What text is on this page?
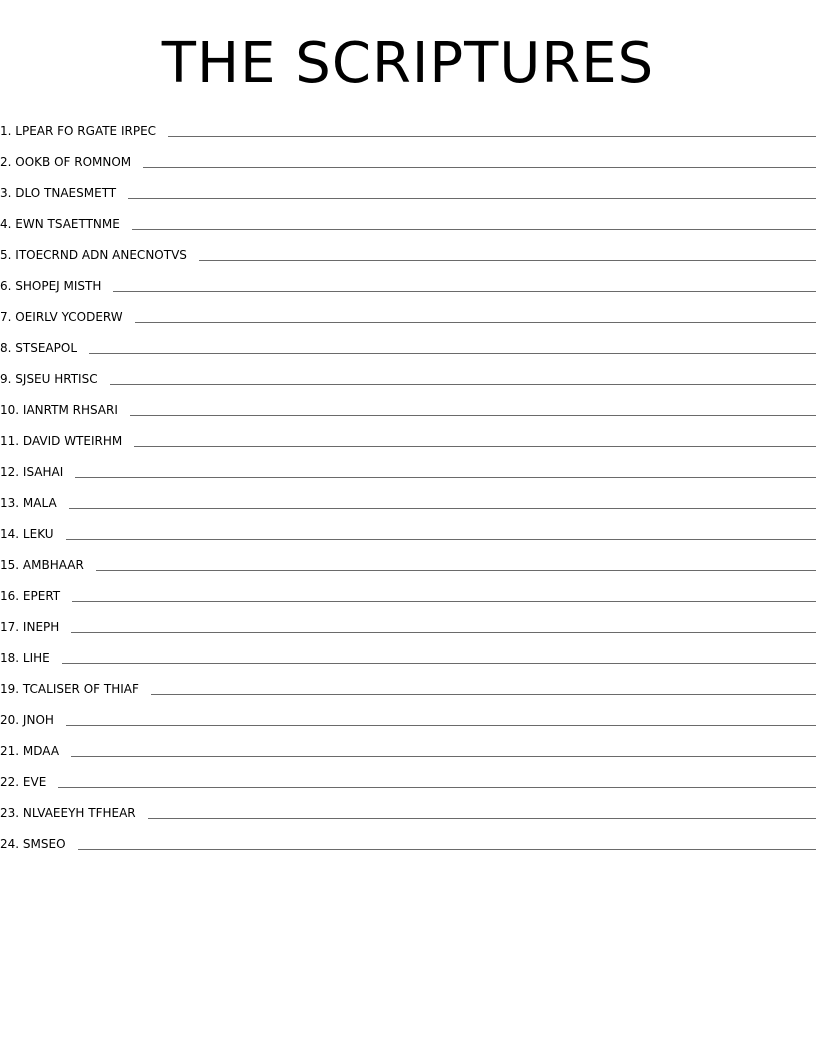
THE SCRIPTURES
1 . LPEAR FO RGATE IRPEC
2 . OOKB OF ROMNOM
3 . DLO TNAESMETT
4 . EWN TSAETTNME
5 . ITOECRND ADN ANECNOTVS
6 . SHOPEJ MISTH
7 . OEIRLV YCODERW
8 . STSEAPOL
9 . SJSEU HRTISC
10 . IANRTM RHSARI
11 . DAVID WTEIRHM
12 . ISAHAI
13 . MALA
14 . LEKU
15 . AMBHAAR
16 . EPERT
17 . INEPH
18 . LIHE
19 . TCALISER OF THIAF
20 . JNOH
21 . MDAA
22 . EVE
23 . NLVAEEYH TFHEAR
24 . SMSEO
